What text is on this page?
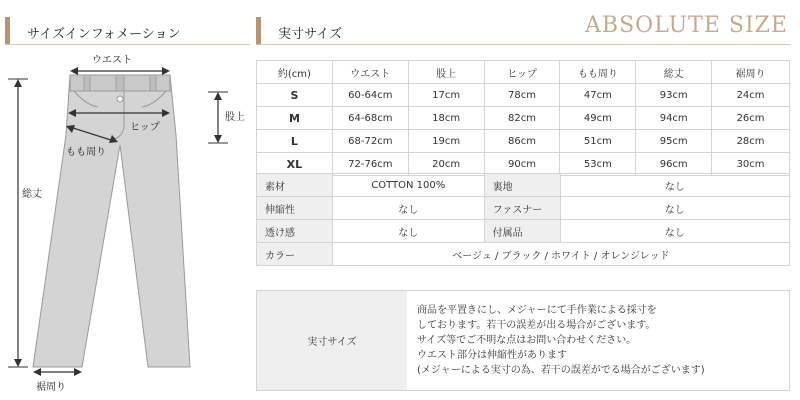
サイズインフォメーション
ウエスト
股上
ヒップ
もも周り
総丈
裾周り
実寸サイズ	ABSOLUTE SIZE
約(cm)	ウエスト	股上	ヒップ	もも周り	総丈	裾周り
S	60-64cm	17cm	78cm	47cm	93cm	24cm
M	64-68cm	18cm	82cm	49cm	94cm	26cm
L	68-72cm	19cm	86cm	51cm	95cm	28cm
XL	72-76cm	20cm	90cm	53cm	96cm	30cm
素材	COTTON 100%	裏地	なし
伸縮性	なし	ファスナー	なし
透け感	なし	付属品	なし
カラー	ベージュ / ブラック / ホワイト / オレンジレッド		
実寸サイズ
商品を平置きにし、メジャーにて手作業による採寸を
しております。若干の誤差が出る場合がございます。
サイズ等でご不明な点はお問い合わせください。
ウエスト部分は伸縮性があります
(メジャーによる実寸の為、若干の誤差がでる場合がございます)
